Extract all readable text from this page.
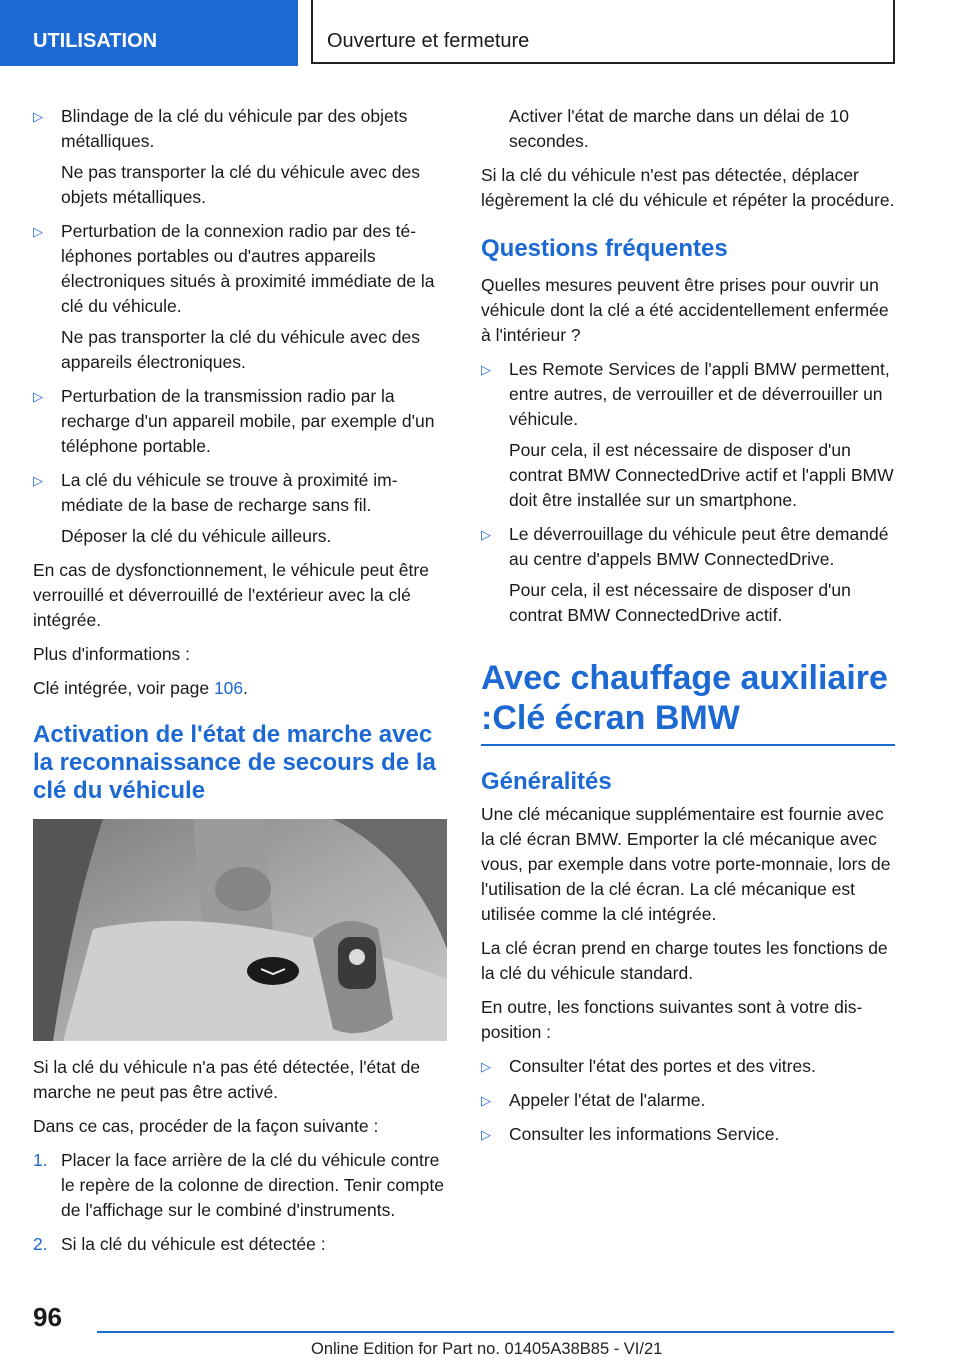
UTILISATION	Ouverture et fermeture
▷	Blindage de la clé du véhicule par des objets métalliques.

Ne pas transporter la clé du véhicule avec des objets métalliques.

▷	Perturbation de la connexion radio par des téléphones portables ou d'autres appareils électroniques situés à proximité immédiate de la clé du véhicule.

Ne pas transporter la clé du véhicule avec des appareils électroniques.

▷	Perturbation de la transmission radio par la recharge d'un appareil mobile, par exemple d'un téléphone portable.

▷	La clé du véhicule se trouve à proximité immédiate de la base de recharge sans fil.

Déposer la clé du véhicule ailleurs.

En cas de dysfonctionnement, le véhicule peut être verrouillé et déverrouillé de l'extérieur avec la clé intégrée.

Plus d'informations :

Clé intégrée, voir page 106.

Activation de l'état de marche avec la reconnaissance de secours de la clé du véhicule

Si la clé du véhicule n'a pas été détectée, l'état de marche ne peut pas être activé.

Dans ce cas, procéder de la façon suivante :

1. Placer la face arrière de la clé du véhicule contre le repère de la colonne de direction. Tenir compte de l'affichage sur le combiné d'instruments.

2. Si la clé du véhicule est détectée :

Activer l'état de marche dans un délai de 10 secondes.

Si la clé du véhicule n'est pas détectée, déplacer légèrement la clé du véhicule et répéter la procédure.

Questions fréquentes

Quelles mesures peuvent être prises pour ouvrir un véhicule dont la clé a été accidentellement enfermée à l'intérieur ?

▷	Les Remote Services de l'appli BMW permettent, entre autres, de verrouiller et de déverrouiller un véhicule.

Pour cela, il est nécessaire de disposer d'un contrat BMW ConnectedDrive actif et l'appli BMW doit être installée sur un smartphone.

▷	Le déverrouillage du véhicule peut être demandé au centre d'appels BMW ConnectedDrive.

Pour cela, il est nécessaire de disposer d'un contrat BMW ConnectedDrive actif.

Avec chauffage auxiliaire :Clé écran BMW
Généralités

Une clé mécanique supplémentaire est fournie avec la clé écran BMW. Emporter la clé mécanique avec vous, par exemple dans votre porte-monnaie, lors de l'utilisation de la clé écran. La clé mécanique est utilisée comme la clé intégrée.

La clé écran prend en charge toutes les fonctions de la clé du véhicule standard.

En outre, les fonctions suivantes sont à votre disposition :

▷	Consulter l'état des portes et des vitres.

▷	Appeler l'état de l'alarme.

▷	Consulter les informations Service.

96
Online Edition for Part no. 01405A38B85 - VI/21
